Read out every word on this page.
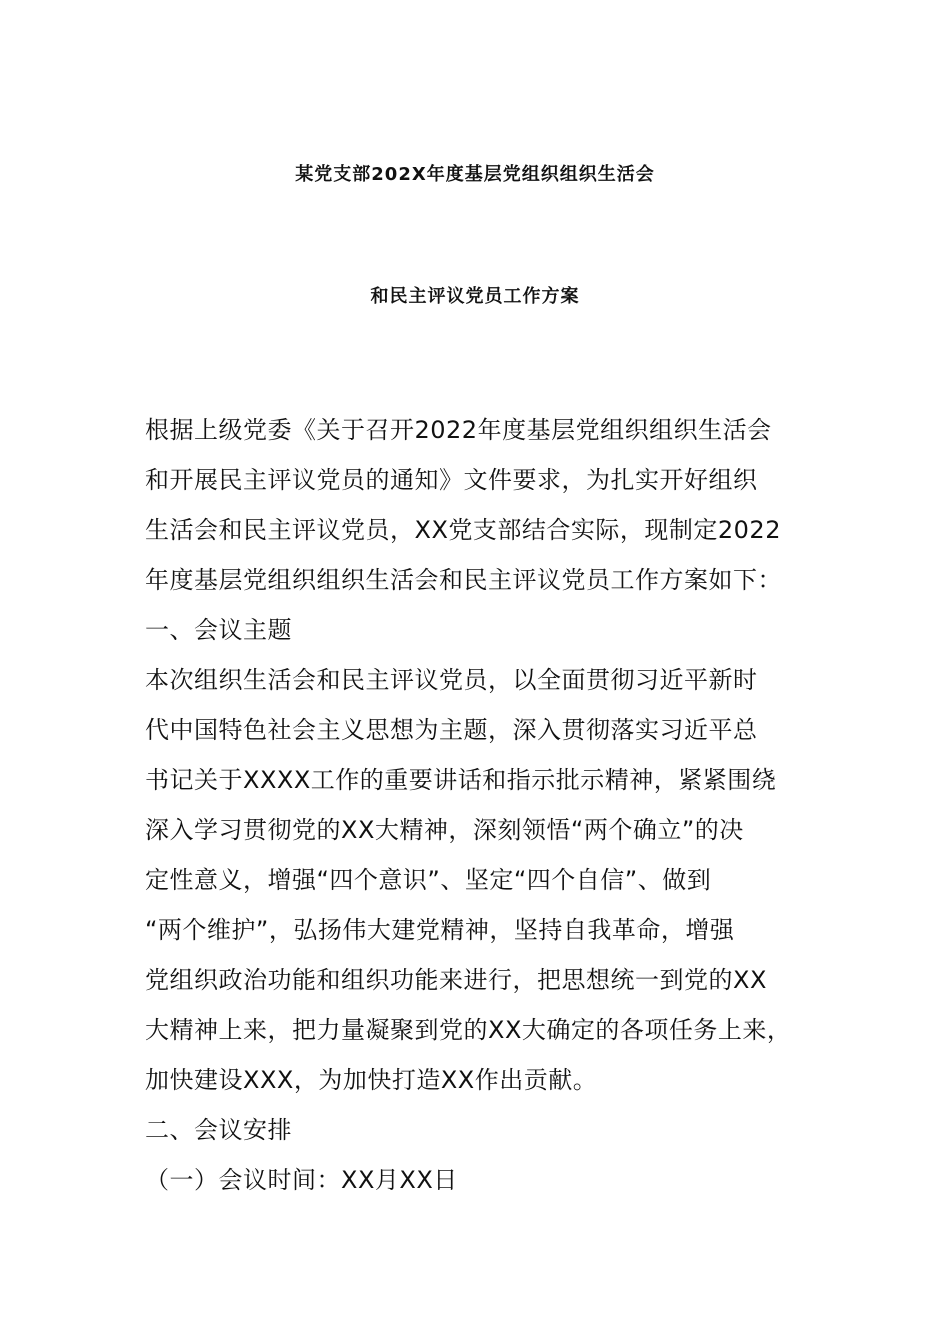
某党支部202X年度基层党组织组织生活会
和民主评议党员工作方案

根据上级党委《关于召开2022年度基层党组织组织生活会

和开展民主评议党员的通知》文件要求，为扎实开好组织

生活会和民主评议党员，XX党支部结合实际，现制定2022

年度基层党组织组织生活会和民主评议党员工作方案如下：

一、会议主题

本次组织生活会和民主评议党员，以全面贯彻习近平新时

代中国特色社会主义思想为主题，深入贯彻落实习近平总

书记关于XXXX工作的重要讲话和指示批示精神，紧紧围绕

深入学习贯彻党的XX大精神，深刻领悟“两个确立”的决

定性意义，增强“四个意识”、坚定“四个自信”、做到

“两个维护”，弘扬伟大建党精神，坚持自我革命，增强

党组织政治功能和组织功能来进行，把思想统一到党的XX

大精神上来，把力量凝聚到党的XX大确定的各项任务上来，

加快建设XXX，为加快打造XX作出贡献。

二、会议安排

（一）会议时间：XX月XX日
